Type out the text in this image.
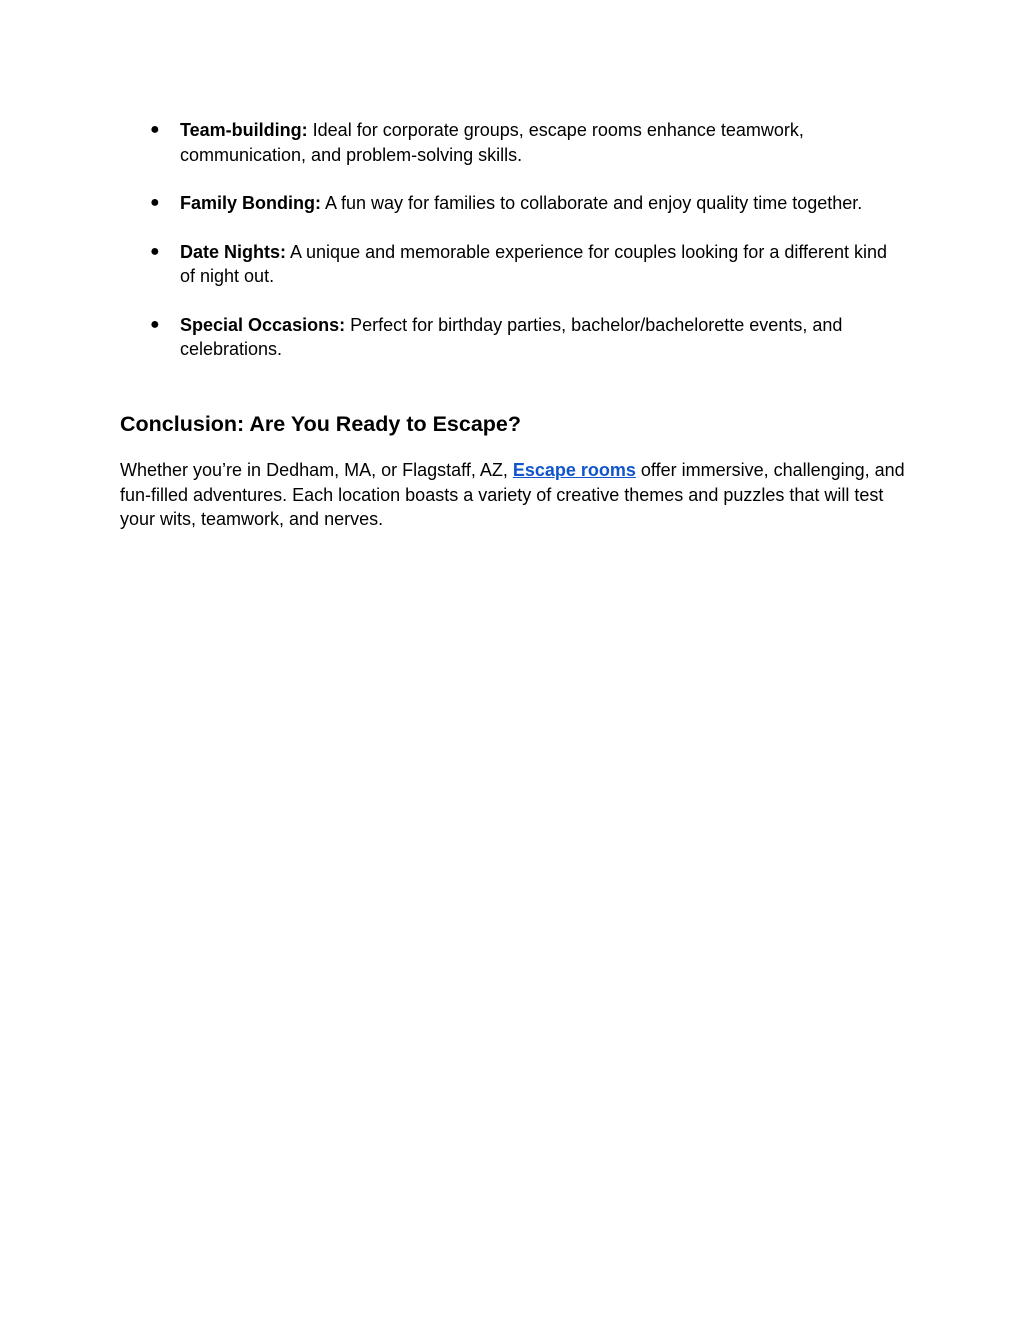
● Team-building: Ideal for corporate groups, escape rooms enhance teamwork, communication, and problem-solving skills.
● Family Bonding: A fun way for families to collaborate and enjoy quality time together.
● Date Nights: A unique and memorable experience for couples looking for a different kind of night out.
● Special Occasions: Perfect for birthday parties, bachelor/bachelorette events, and celebrations.
Conclusion: Are You Ready to Escape?

Whether you’re in Dedham, MA, or Flagstaff, AZ, Escape rooms offer immersive, challenging, and fun-filled adventures. Each location boasts a variety of creative themes and puzzles that will test your wits, teamwork, and nerves.
